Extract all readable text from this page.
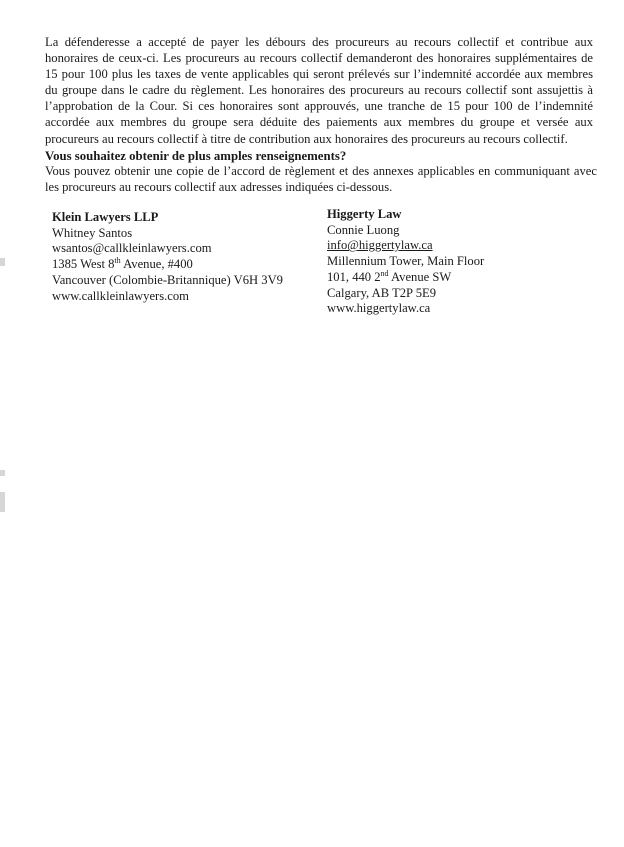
La défenderesse a accepté de payer les débours des procureurs au recours collectif et contribue aux honoraires de ceux-ci. Les procureurs au recours collectif demanderont des honoraires supplémentaires de 15 pour 100 plus les taxes de vente applicables qui seront prélevés sur l’indemnité accordée aux membres du groupe dans le cadre du règlement. Les honoraires des procureurs au recours collectif sont assujettis à l’approbation de la Cour. Si ces honoraires sont approuvés, une tranche de 15 pour 100 de l’indemnité accordée aux membres du groupe sera déduite des paiements aux membres du groupe et versée aux procureurs au recours collectif à titre de contribution aux honoraires des procureurs au recours collectif.

Vous souhaitez obtenir de plus amples renseignements?

Vous pouvez obtenir une copie de l’accord de règlement et des annexes applicables en communiquant avec les procureurs au recours collectif aux adresses indiquées ci-dessous.

Klein Lawyers LLP
Whitney Santos
wsantos@callkleinlawyers.com
1385 West 8th Avenue, #400
Vancouver (Colombie-Britannique) V6H 3V9
www.callkleinlawyers.com
Higgerty Law
Connie Luong
info@higgertylaw.ca
Millennium Tower, Main Floor
101, 440 2nd Avenue SW
Calgary, AB T2P 5E9
www.higgertylaw.ca
